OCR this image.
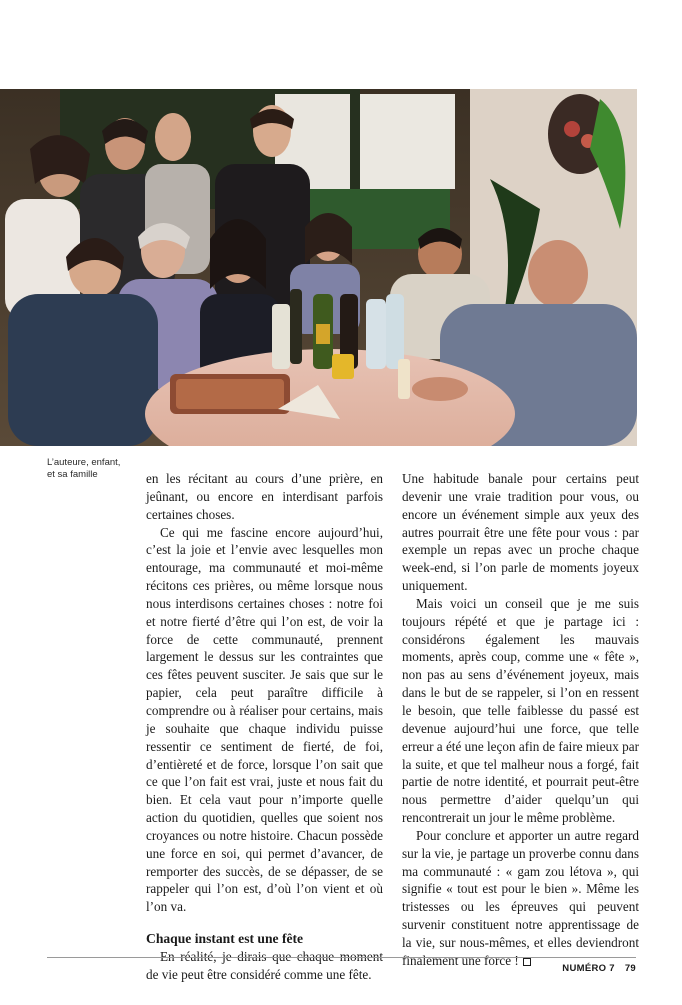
L’auteure, enfant,
et sa famille	en les récitant au cours d’une prière, en jeûnant, ou encore en interdisant parfois certaines choses.

Ce qui me fascine encore aujourd’hui, c’est la joie et l’envie avec lesquelles mon entourage, ma communauté et moi-même récitons ces prières, ou même lorsque nous nous interdisons certaines choses : notre foi et notre fierté d’être qui l’on est, de voir la force de cette communauté, prennent largement le dessus sur les contraintes que ces fêtes peuvent susciter. Je sais que sur le papier, cela peut paraître difficile à comprendre ou à réaliser pour certains, mais je souhaite que chaque individu puisse ressentir ce sentiment de fierté, de foi, d’entièreté et de force, lorsque l’on sait que ce que l’on fait est vrai, juste et nous fait du bien. Et cela vaut pour n’importe quelle action du quotidien, quelles que soient nos croyances ou notre histoire. Chacun possède une force en soi, qui permet d’avancer, de remporter des succès, de se dépasser, de se rappeler qui l’on est, d’où l’on vient et où l’on va.

Chaque instant est une fête

En réalité, je dirais que chaque moment de vie peut être considéré comme une fête.

Une habitude banale pour certains peut devenir une vraie tradition pour vous, ou encore un événement simple aux yeux des autres pourrait être une fête pour vous : par exemple un repas avec un proche chaque week-end, si l’on parle de moments joyeux uniquement.

Mais voici un conseil que je me suis toujours répété et que je partage ici : considérons également les mauvais moments, après coup, comme une « fête », non pas au sens d’événement joyeux, mais dans le but de se rappeler, si l’on en ressent le besoin, que telle faiblesse du passé est devenue aujourd’hui une force, que telle erreur a été une leçon afin de faire mieux par la suite, et que tel malheur nous a forgé, fait partie de notre identité, et pourrait peut-être nous permettre d’aider quelqu’un qui rencontrerait un jour le même problème.

Pour conclure et apporter un autre regard sur la vie, je partage un proverbe connu dans ma communauté : « gam zou létova », qui signifie « tout est pour le bien ». Même les tristesses ou les épreuves qui peuvent survenir constituent notre apprentissage de la vie, sur nous-mêmes, et elles deviendront finalement une force !

NUMÉRO 7 79
